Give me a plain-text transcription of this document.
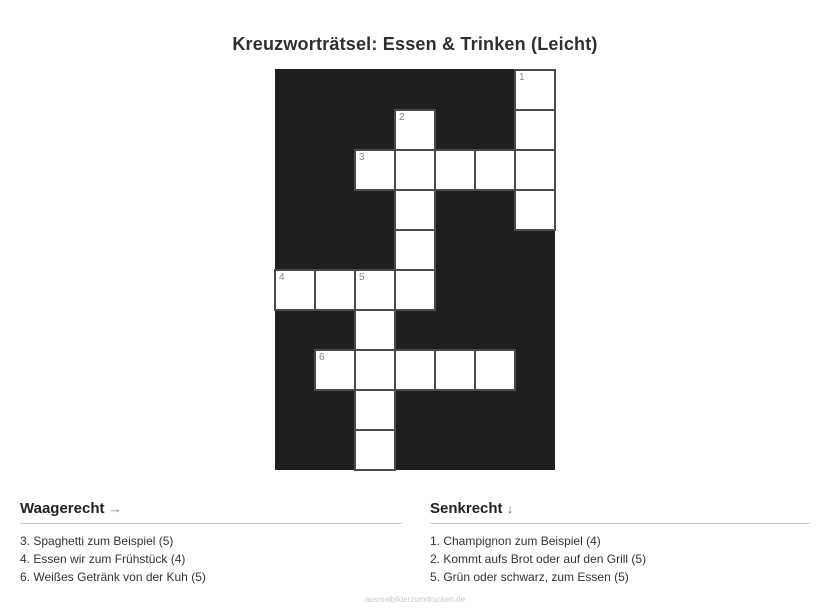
Kreuzworträtsel: Essen & Trinken (Leicht)
1
2
3
4	5
6
Waagerecht →
3. Spaghetti zum Beispiel (5)
4. Essen wir zum Frühstück (4)
6. Weißes Getränk von der Kuh (5)
Senkrecht ↓
1. Champignon zum Beispiel (4)
2. Kommt aufs Brot oder auf den Grill (5)
5. Grün oder schwarz, zum Essen (5)
ausmalbilderzumdrucken.de
